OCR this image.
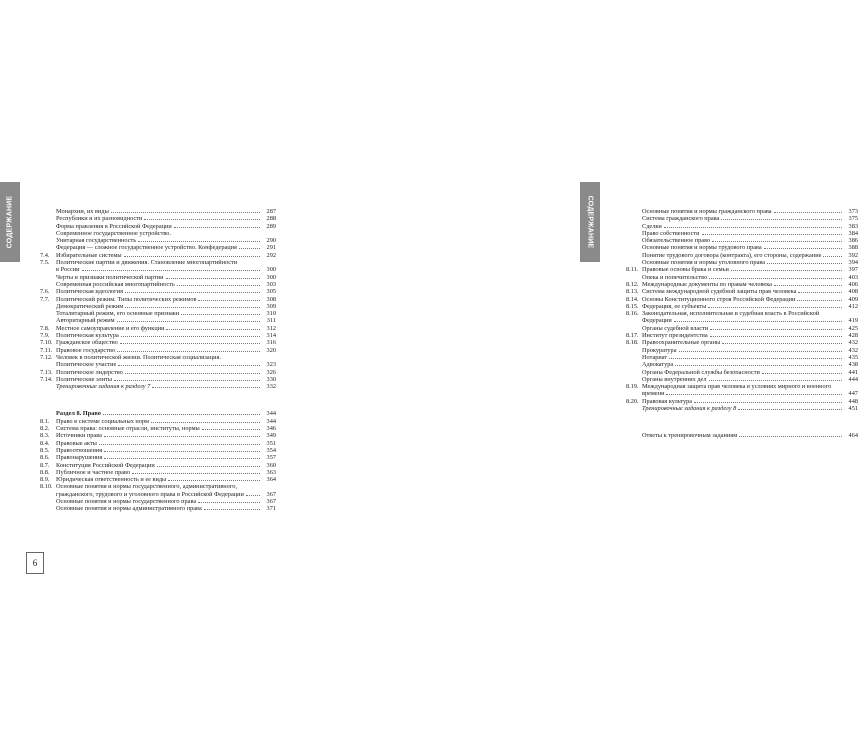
СОДЕРЖАНИЕ	Монархии, их виды	287
Республики и их разновидности	288
Форма правления в Российской Федерации	289
Современное государственное устройство.
Унитарная государственность	290
Федерация — сложное государственное устройство. Конфедерация	291
7.4.	Избирательные системы	292
7.5.	Политические партии и движения. Становление многопартийности
в России	300
Черты и признаки политической партии	300
Современная российская многопартийность	303
7.6.	Политическая идеология	305
7.7.	Политический режим. Типы политических режимов	308
Демократический режим	309
Тоталитарный режим, его основные признаки	310
Авторитарный режим	311
7.8.	Местное самоуправление и его функции	312
7.9.	Политическая культура	314
7.10. Гражданское общество	316
7.11. Правовое государство	320
7.12. Человек в политической жизни. Политическая социализация.
Политическое участие	323
7.13. Политическое лидерство	326
7.14. Политические элиты	330
Тренировочные задания к разделу 7	332
Раздел 8. Право	344
8.1.	Право в системе социальных норм	344
8.2.	Система права: основные отрасли, институты, нормы	346
8.3.	Источники права	349
8.4.	Правовые акты	351
8.5.	Правоотношения	354
8.6.	Правонарушения	357
8.7.	Конституция Российской Федерации	360
8.8.	Публичное и частное право	363
8.9.	Юридическая ответственность и ее виды	364
8.10. Основные понятия и нормы государственного, административного,
гражданского, трудового и уголовного права в Российской Федерации	367
Основные понятия и нормы государственного права	367
Основные понятия и нормы административного права	371
6
СОДЕРЖАНИЕ	Основные понятия и нормы гражданского права	373
Система гражданского права	375
Сделки	383
Право собственности	384
Обязательственное право	386
Основные понятия и нормы трудового права	388
Понятие трудового договора (контракта), его стороны, содержание	392
Основные понятия и нормы уголовного права	394
8.11. Правовые основы брака и семьи	397
Опека и попечительство	403
8.12. Международные документы по правам человека	406
8.13. Система международной судебной защиты прав человека	408
8.14. Основы Конституционного строя Российской Федерации	409
8.15. Федерация, ее субъекты	412
8.16. Законодательная, исполнительная и судебная власть в Российской
Федерации	419
Органы судебной власти	425
8.17. Институт президентства	428
8.18. Правоохранительные органы	432
Прокуратура	432
Нотариат	435
Адвокатура	438
Органы Федеральной службы безопасности	441
Органы внутренних дел	444
8.19. Международная защита прав человека в условиях мирного и военного
времени	447
8.20. Правовая культура	448
Тренировочные задания к разделу 8	451
Ответы к тренировочным заданиям	464
